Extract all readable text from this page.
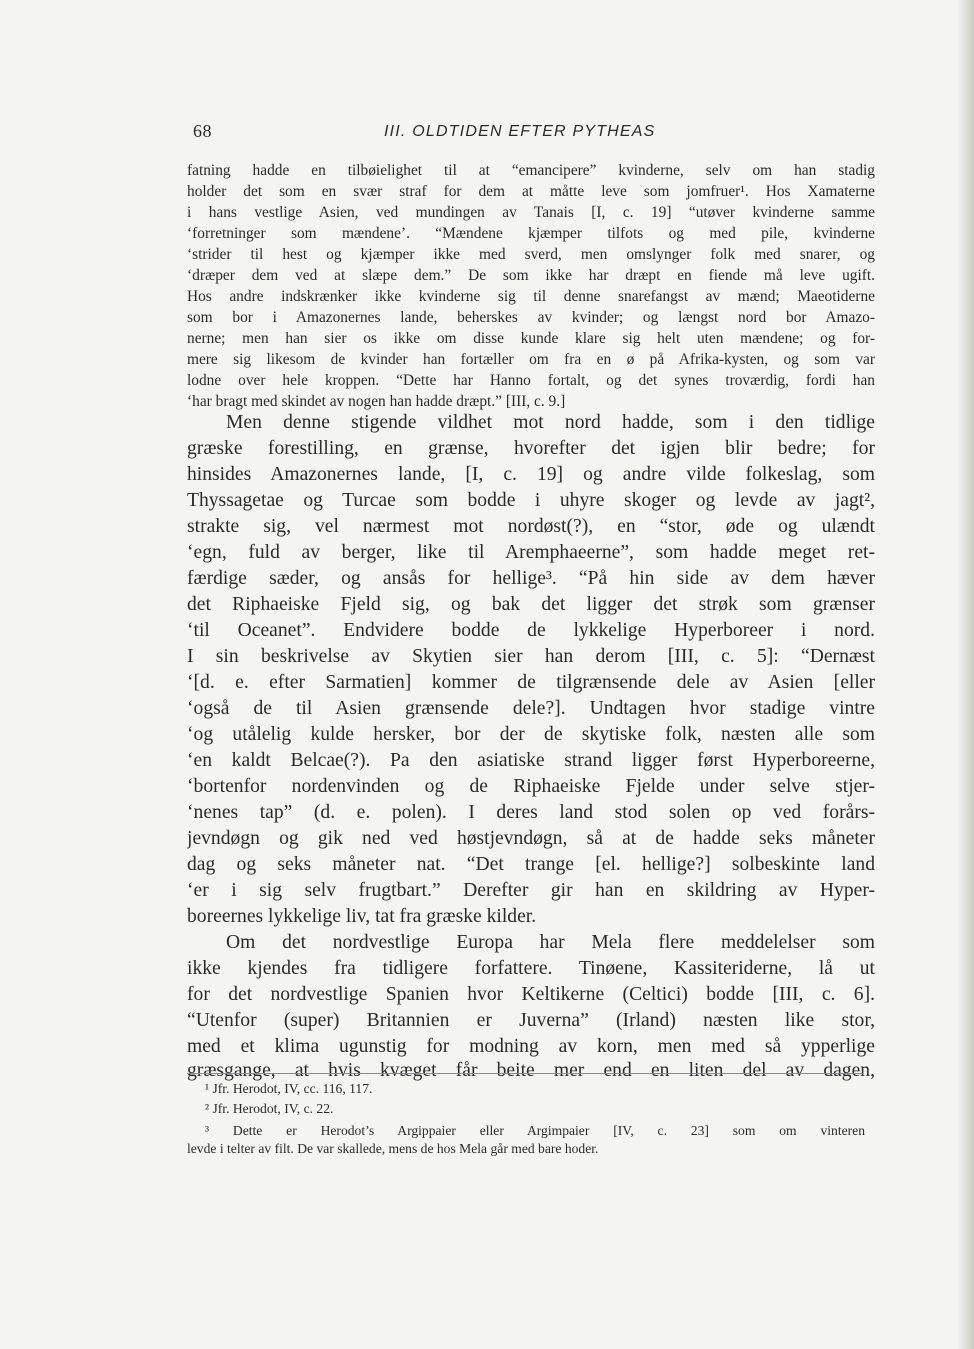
68	III. OLDTIDEN EFTER PYTHEAS
fatning hadde en tilbøielighet til at “emancipere” kvinderne, selv om han stadig
holder det som en svær straf for dem at måtte leve som jomfruer¹. Hos Xamaterne
i hans vestlige Asien, ved mundingen av Tanais [I, c. 19] “utøver kvinderne samme
‘forretninger som mændene’. “Mændene kjæmper tilfots og med pile, kvinderne
‘strider til hest og kjæmper ikke med sverd, men omslynger folk med snarer, og
‘dræper dem ved at slæpe dem.” De som ikke har dræpt en fiende må leve ugift.
Hos andre indskrænker ikke kvinderne sig til denne snarefangst av mænd; Maeotiderne
som bor i Amazonernes lande, beherskes av kvinder; og længst nord bor Amazo-
nerne; men han sier os ikke om disse kunde klare sig helt uten mændene; og for-
mere sig likesom de kvinder han fortæller om fra en ø på Afrika-kysten, og som var
lodne over hele kroppen. “Dette har Hanno fortalt, og det synes troværdig, fordi han
‘har bragt med skindet av nogen han hadde dræpt.” [III, c. 9.]
Men denne stigende vildhet mot nord hadde, som i den tidlige
græske forestilling, en grænse, hvorefter det igjen blir bedre; for
hinsides Amazonernes lande, [I, c. 19] og andre vilde folkeslag, som
Thyssagetae og Turcae som bodde i uhyre skoger og levde av jagt²,
strakte sig, vel nærmest mot nordøst(?), en “stor, øde og ulændt
‘egn, fuld av berger, like til Aremphaeerne”, som hadde meget ret-
færdige sæder, og ansås for hellige³. “På hin side av dem hæver
det Riphaeiske Fjeld sig, og bak det ligger det strøk som grænser
‘til Oceanet”. Endvidere bodde de lykkelige Hyperboreer i nord.
I sin beskrivelse av Skytien sier han derom [III, c. 5]: “Dernæst
‘[d. e. efter Sarmatien] kommer de tilgrænsende dele av Asien [eller
‘også de til Asien grænsende dele?]. Undtagen hvor stadige vintre
‘og utålelig kulde hersker, bor der de skytiske folk, næsten alle som
‘en kaldt Belcae(?). Pa den asiatiske strand ligger først Hyperboreerne,
‘bortenfor nordenvinden og de Riphaeiske Fjelde under selve stjer-
‘nenes tap” (d. e. polen). I deres land stod solen op ved forårs-
jevndøgn og gik ned ved høstjevndøgn, så at de hadde seks måneter
dag og seks måneter nat. “Det trange [el. hellige?] solbeskinte land
‘er i sig selv frugtbart.” Derefter gir han en skildring av Hyper-
boreernes lykkelige liv, tat fra græske kilder.
Om det nordvestlige Europa har Mela flere meddelelser som
ikke kjendes fra tidligere forfattere. Tinøene, Kassiteriderne, lå ut
for det nordvestlige Spanien hvor Keltikerne (Celtici) bodde [III, c. 6].
“Utenfor (super) Britannien er Juverna” (Irland) næsten like stor,
med et klima ugunstig for modning av korn, men med så ypperlige
græsgange, at hvis kvæget får beite mer end en liten del av dagen,
¹ Jfr. Herodot, IV, cc. 116, 117.
² Jfr. Herodot, IV, c. 22.
³ Dette er Herodot’s Argippaier eller Argimpaier [IV, c. 23] som om vinteren
levde i telter av filt. De var skallede, mens de hos Mela går med bare hoder.
